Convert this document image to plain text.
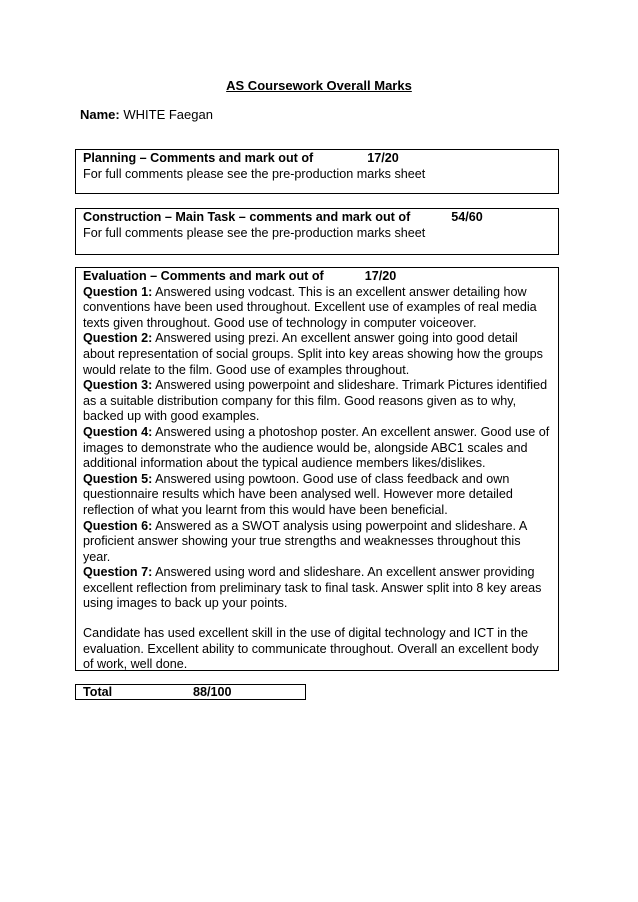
AS Coursework Overall Marks
Name: WHITE Faegan
Planning – Comments and mark out of	17/20
For full comments please see the pre-production marks sheet
Construction – Main Task – comments and mark out of	54/60
For full comments please see the pre-production marks sheet
Evaluation – Comments and mark out of	17/20
Question 1: Answered using vodcast. This is an excellent answer detailing how conventions have been used throughout. Excellent use of examples of real media texts given throughout. Good use of technology in computer voiceover.
Question 2: Answered using prezi. An excellent answer going into good detail about representation of social groups. Split into key areas showing how the groups would relate to the film. Good use of examples throughout.
Question 3: Answered using powerpoint and slideshare. Trimark Pictures identified as a suitable distribution company for this film. Good reasons given as to why, backed up with good examples.
Question 4: Answered using a photoshop poster. An excellent answer. Good use of images to demonstrate who the audience would be, alongside ABC1 scales and additional information about the typical audience members likes/dislikes.
Question 5: Answered using powtoon. Good use of class feedback and own questionnaire results which have been analysed well. However more detailed reflection of what you learnt from this would have been beneficial.
Question 6: Answered as a SWOT analysis using powerpoint and slideshare. A proficient answer showing your true strengths and weaknesses throughout this year.
Question 7: Answered using word and slideshare. An excellent answer providing excellent reflection from preliminary task to final task. Answer split into 8 key areas using images to back up your points.
Candidate has used excellent skill in the use of digital technology and ICT in the evaluation. Excellent ability to communicate throughout. Overall an excellent body of work, well done.
Total	88/100
